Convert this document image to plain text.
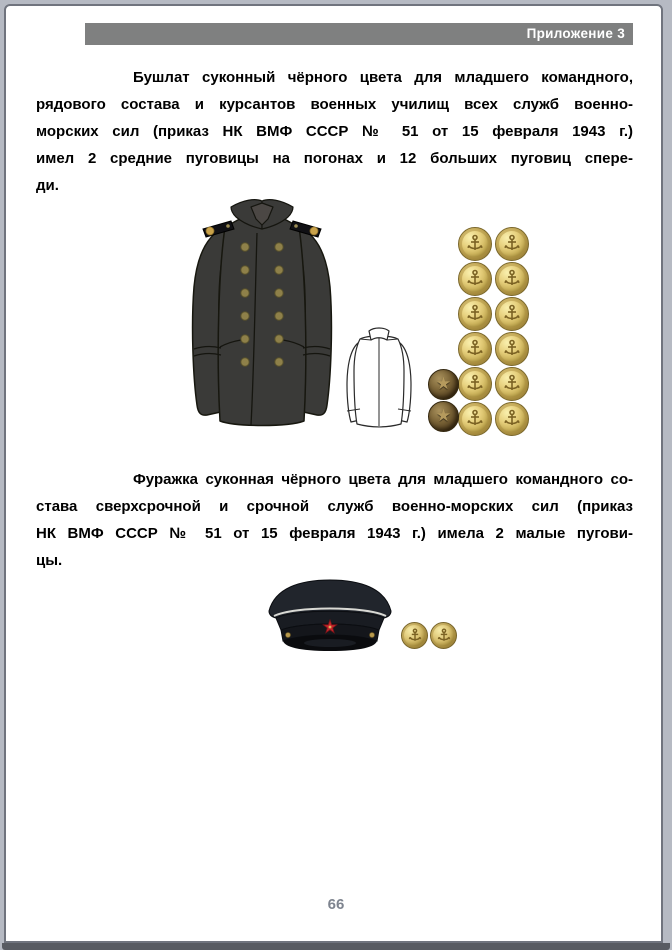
Приложение 3
Бушлат суконный чёрного цвета для младшего командного,
рядового состава и курсантов военных училищ всех служб военно-
морских сил (приказ НК ВМФ СССР № 51 от 15 февраля 1943 г.)
имел 2 средние пуговицы на погонах и 12 больших пуговиц спере-
ди.
★
★
Фуражка суконная чёрного цвета для младшего командного со-
става сверхсрочной и срочной служб военно-морских сил (приказ
НК ВМФ СССР № 51 от 15 февраля 1943 г.) имела 2 малые пугови-
цы.
66
